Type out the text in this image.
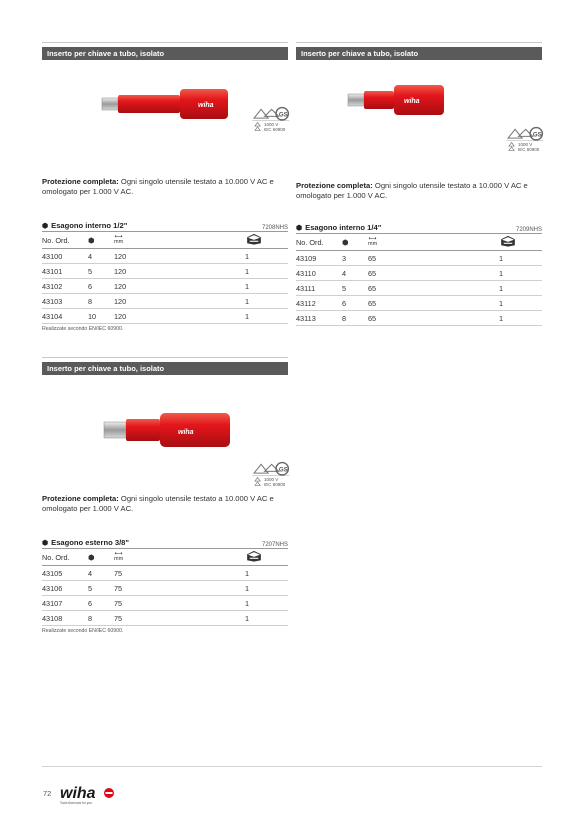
Inserto per chiave a tubo, isolato
wiha
1000 V
IEC 60900
Protezione completa: Ogni singolo utensile testato a 10.000 V AC e omologato per 1.000 V AC.
⬢ Esagono interno 1/2"	7208NHS
No. Ord.	⬢	⟷
mm	
43100	4	120	1
43101	5	120	1
43102	6	120	1
43103	8	120	1
43104	10	120	1
Realizzate secondo EN/IEC 60900.
Inserto per chiave a tubo, isolato
wiha
1000 V
IEC 60900
Protezione completa: Ogni singolo utensile testato a 10.000 V AC e omologato per 1.000 V AC.
⬢ Esagono interno 1/4"	7209NHS
No. Ord.	⬢	⟷
mm	
43109	3	65	1
43110	4	65	1
43111	5	65	1
43112	6	65	1
43113	8	65	1
Inserto per chiave a tubo, isolato
wiha
1000 V
IEC 60900
Protezione completa: Ogni singolo utensile testato a 10.000 V AC e omologato per 1.000 V AC.
⬢ Esagono esterno 3/8"	7207NHS
No. Ord.	⬢	⟷
mm	
43105	4	75	1
43106	5	75	1
43107	6	75	1
43108	8	75	1
Realizzate secondo EN/IEC 60900.
72 wiha
Tools that work for you
